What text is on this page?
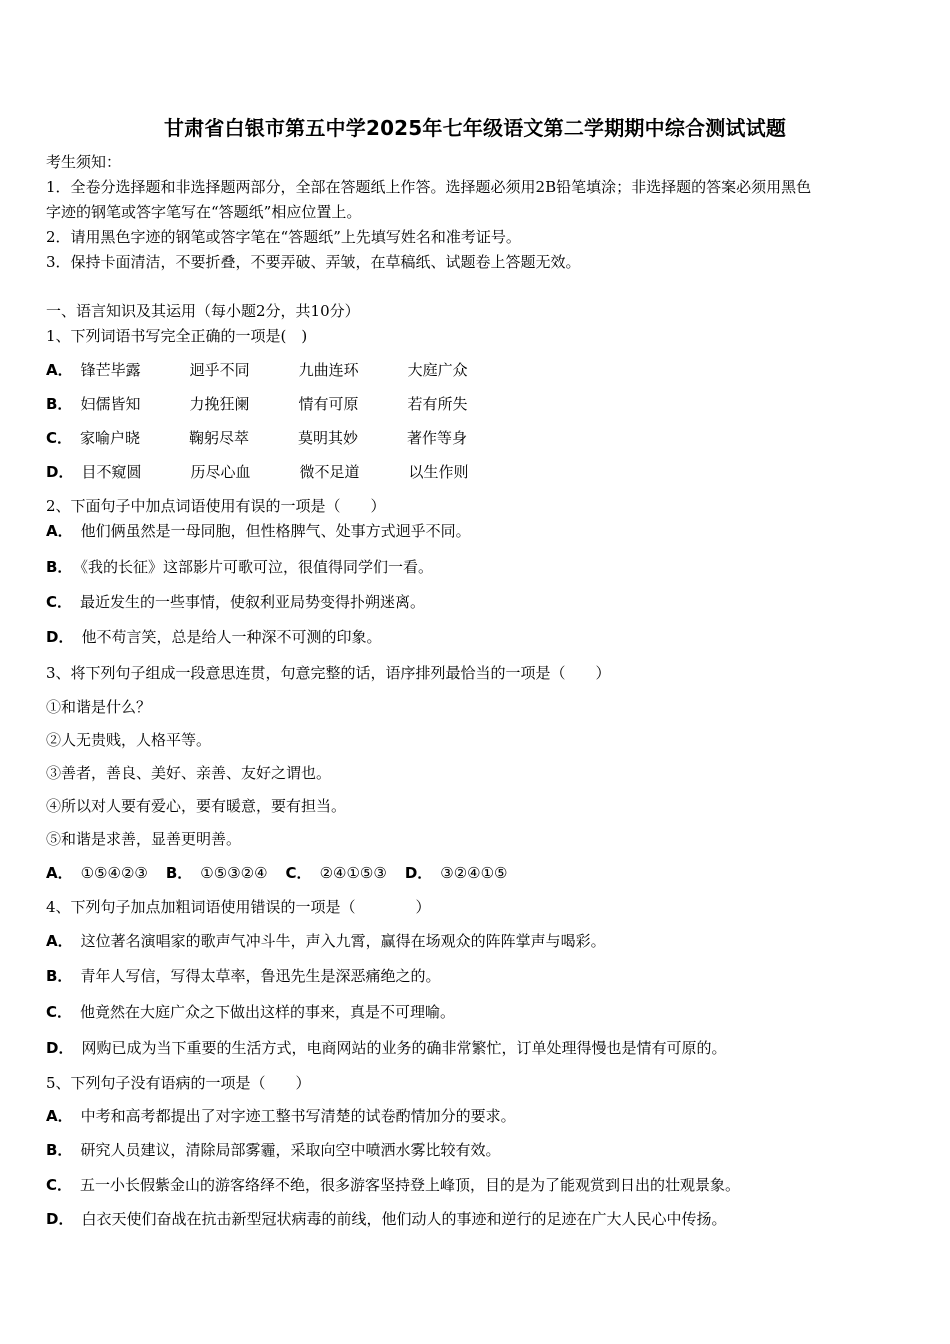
甘肃省白银市第五中学2025年七年级语文第二学期期中综合测试试题
考生须知：
1．全卷分选择题和非选择题两部分，全部在答题纸上作答。选择题必须用2B铅笔填涂；非选择题的答案必须用黑色
字迹的钢笔或答字笔写在“答题纸”相应位置上。
2．请用黑色字迹的钢笔或答字笔在“答题纸”上先填写姓名和准考证号。
3．保持卡面清洁，不要折叠，不要弄破、弄皱，在草稿纸、试题卷上答题无效。
一、语言知识及其运用（每小题2分，共10分）
1、下列词语书写完全正确的一项是(　)
A． 锋芒毕露	迥乎不同	九曲连环	大庭广众
B． 妇儒皆知	力挽狂阑	情有可原	若有所失
C． 家喻户晓	鞠躬尽萃	莫明其妙	著作等身
D． 目不窥圆	历尽心血	微不足道	以生作则
2、下面句子中加点词语使用有误的一项是（　　）
A． 他们俩虽然是一母同胞，但性格脾气、处事方式迥乎不同。
B． 《我的长征》这部影片可歌可泣，很值得同学们一看。
C． 最近发生的一些事情，使叙利亚局势变得扑朔迷离。
D． 他不苟言笑，总是给人一种深不可测的印象。
3、将下列句子组成一段意思连贯，句意完整的话，语序排列最恰当的一项是（　　）
①和谐是什么？
②人无贵贱，人格平等。
③善者，善良、美好、亲善、友好之谓也。
④所以对人要有爱心，要有暖意，要有担当。
⑤和谐是求善，显善更明善。
A． ①⑤④②③ B． ①⑤③②④ C． ②④①⑤③ D． ③②④①⑤
4、下列句子加点加粗词语使用错误的一项是（　　　　）
A． 这位著名演唱家的歌声气冲斗牛，声入九霄，赢得在场观众的阵阵掌声与喝彩。
B． 青年人写信，写得太草率，鲁迅先生是深恶痛绝之的。
C． 他竟然在大庭广众之下做出这样的事来，真是不可理喻。
D． 网购已成为当下重要的生活方式，电商网站的业务的确非常繁忙，订单处理得慢也是情有可原的。
5、下列句子没有语病的一项是（　　）
A． 中考和高考都提出了对字迹工整书写清楚的试卷酌情加分的要求。
B． 研究人员建议，清除局部雾霾，采取向空中喷洒水雾比较有效。
C． 五一小长假紫金山的游客络绎不绝，很多游客坚持登上峰顶，目的是为了能观赏到日出的壮观景象。
D． 白衣天使们奋战在抗击新型冠状病毒的前线，他们动人的事迹和逆行的足迹在广大人民心中传扬。
